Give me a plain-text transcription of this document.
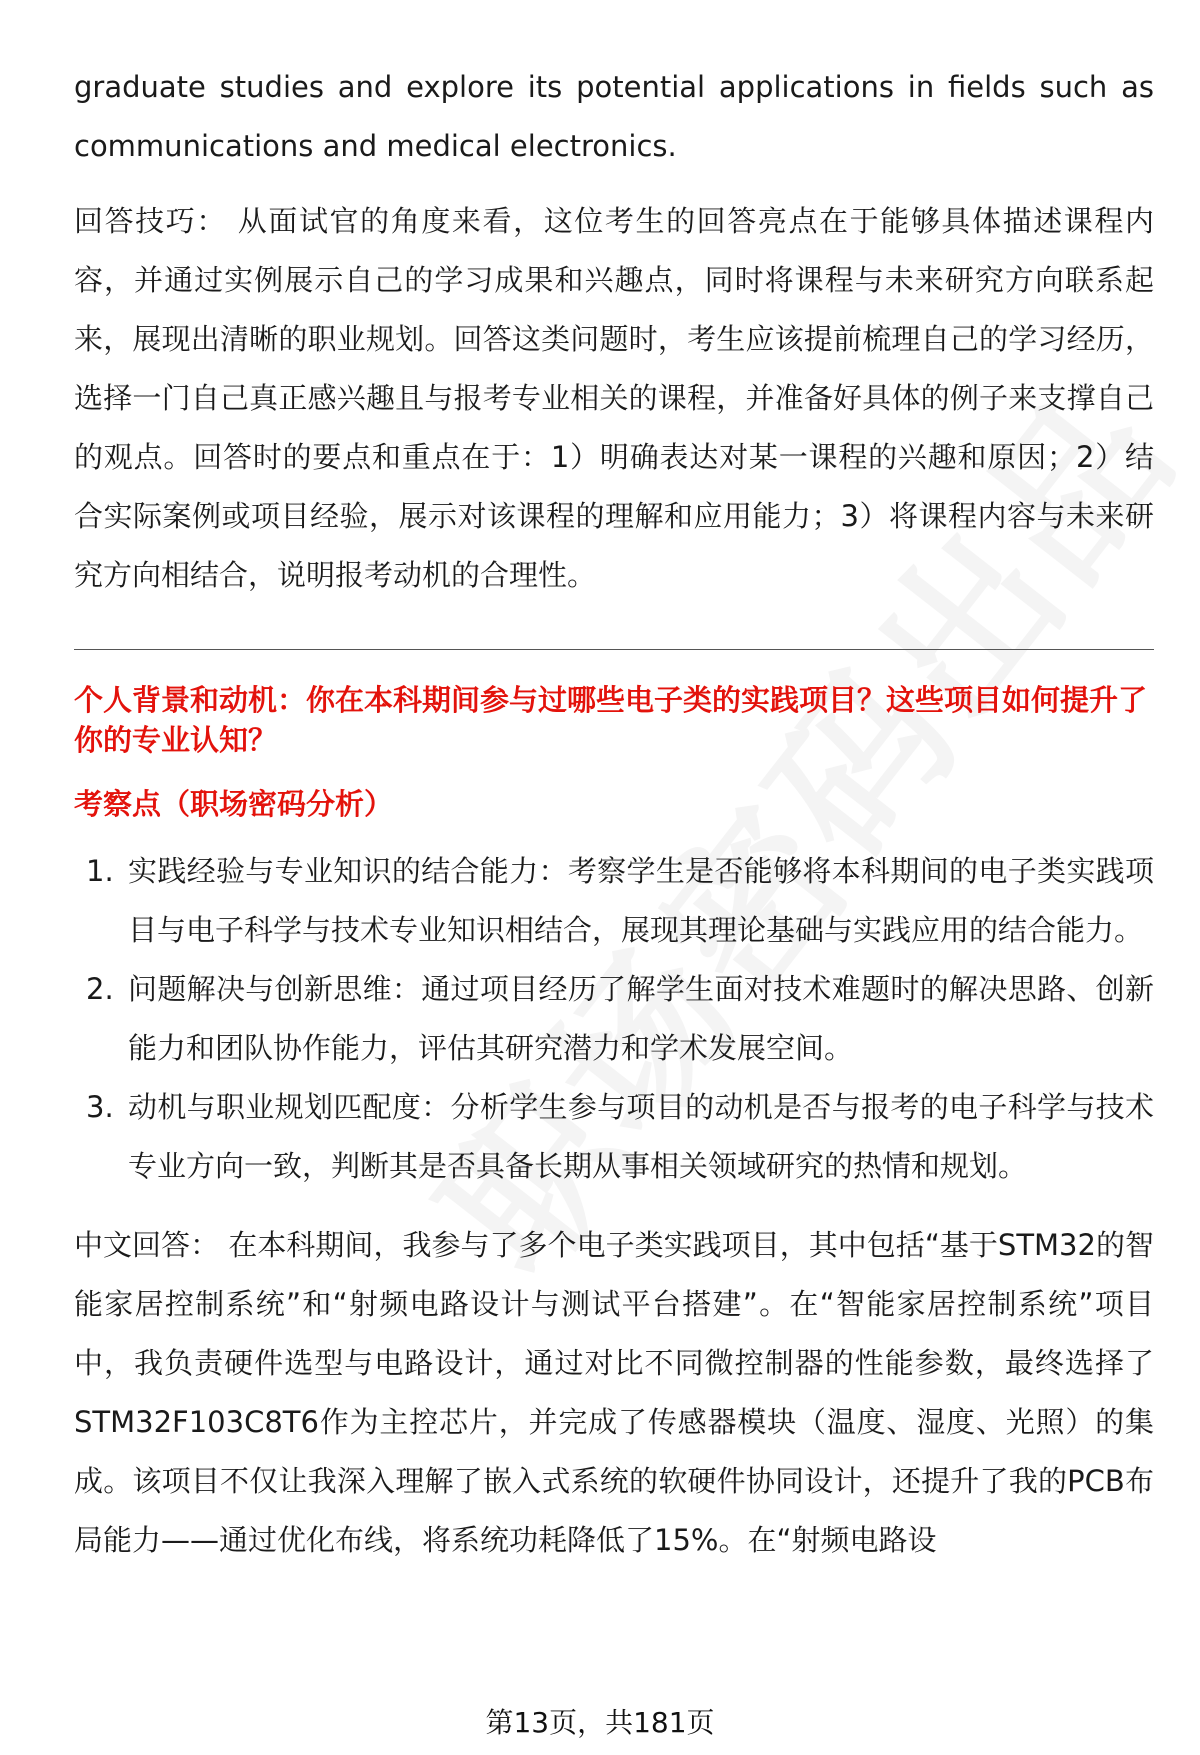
graduate studies and explore its potential applications in fields such as communications and medical electronics.

回答技巧： 从面试官的角度来看，这位考生的回答亮点在于能够具体描述课程内容，并通过实例展示自己的学习成果和兴趣点，同时将课程与未来研究方向联系起来，展现出清晰的职业规划。回答这类问题时，考生应该提前梳理自己的学习经历，选择一门自己真正感兴趣且与报考专业相关的课程，并准备好具体的例子来支撑自己的观点。回答时的要点和重点在于：1）明确表达对某一课程的兴趣和原因；2）结合实际案例或项目经验，展示对该课程的理解和应用能力；3）将课程内容与未来研究方向相结合，说明报考动机的合理性。

个人背景和动机：你在本科期间参与过哪些电子类的实践项目？这些项目如何提升了你的专业认知？
考察点（职场密码分析）
1. 实践经验与专业知识的结合能力：考察学生是否能够将本科期间的电子类实践项目与电子科学与技术专业知识相结合，展现其理论基础与实践应用的结合能力。
2. 问题解决与创新思维：通过项目经历了解学生面对技术难题时的解决思路、创新能力和团队协作能力，评估其研究潜力和学术发展空间。
3. 动机与职业规划匹配度：分析学生参与项目的动机是否与报考的电子科学与技术专业方向一致，判断其是否具备长期从事相关领域研究的热情和规划。

中文回答： 在本科期间，我参与了多个电子类实践项目，其中包括“基于STM32的智能家居控制系统”和“射频电路设计与测试平台搭建”。在“智能家居控制系统”项目中，我负责硬件选型与电路设计，通过对比不同微控制器的性能参数，最终选择了STM32F103C8T6作为主控芯片，并完成了传感器模块（温度、湿度、光照）的集成。该项目不仅让我深入理解了嵌入式系统的软硬件协同设计，还提升了我的PCB布局能力——通过优化布线，将系统功耗降低了15%。在“射频电路设

第13页，共181页
